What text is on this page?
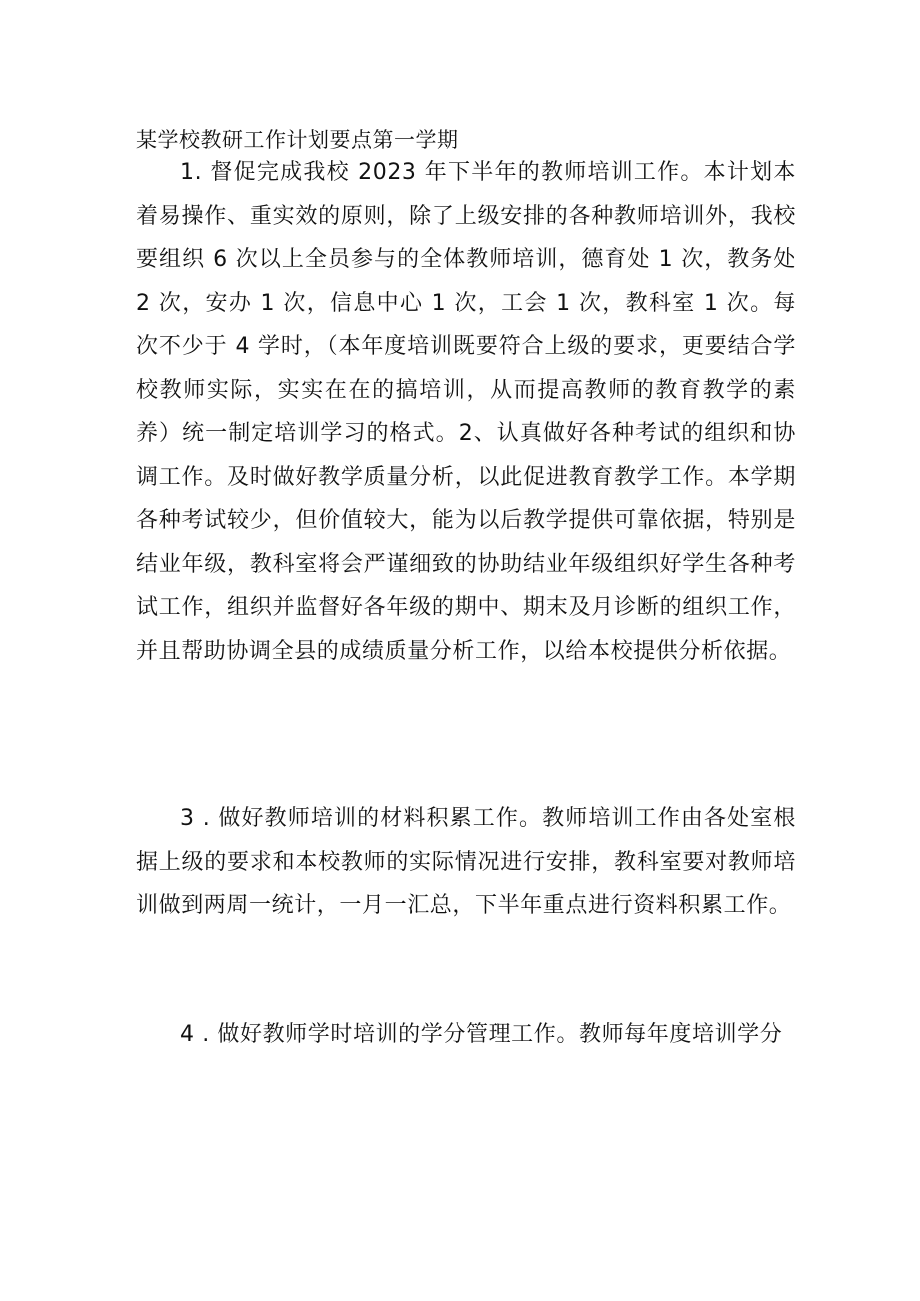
某学校教研工作计划要点第一学期

1. 督促完成我校 2023 年下半年的教师培训工作。本计划本着易操作、重实效的原则，除了上级安排的各种教师培训外，我校要组织 6 次以上全员参与的全体教师培训，德育处 1 次，教务处 2 次，安办 1 次，信息中心 1 次，工会 1 次，教科室 1 次。每次不少于 4 学时，（本年度培训既要符合上级的要求，更要结合学校教师实际，实实在在的搞培训，从而提高教师的教育教学的素养）统一制定培训学习的格式。2、认真做好各种考试的组织和协调工作。及时做好教学质量分析，以此促进教育教学工作。本学期各种考试较少，但价值较大，能为以后教学提供可靠依据，特别是结业年级，教科室将会严谨细致的协助结业年级组织好学生各种考试工作，组织并监督好各年级的期中、期末及月诊断的组织工作，并且帮助协调全县的成绩质量分析工作，以给本校提供分析依据。

3 . 做好教师培训的材料积累工作。教师培训工作由各处室根据上级的要求和本校教师的实际情况进行安排，教科室要对教师培训做到两周一统计，一月一汇总，下半年重点进行资料积累工作。

4 . 做好教师学时培训的学分管理工作。教师每年度培训学分
